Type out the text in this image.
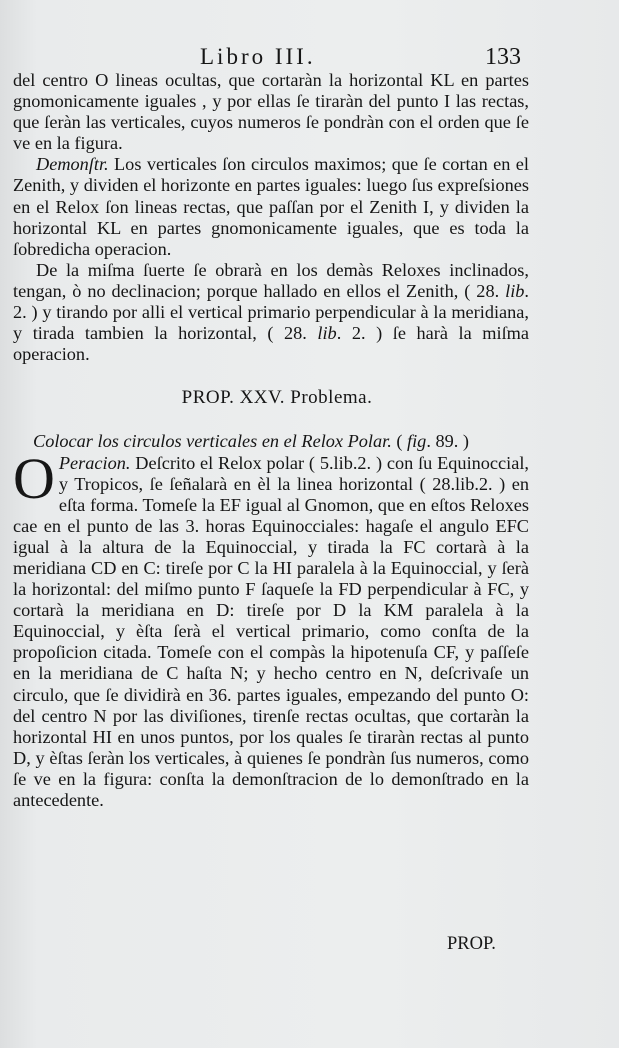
Libro III.	133

del centro O lineas ocultas, que cortaràn la horizontal KL en partes gnomonicamente iguales , y por ellas ſe tiraràn del punto I las rectas, que ſeràn las verticales, cuyos numeros ſe pondràn con el orden que ſe ve en la figura.

Demonſtr. Los verticales ſon circulos maximos; que ſe cortan en el Zenith, y dividen el horizonte en partes iguales: luego ſus expreſsiones en el Relox ſon lineas rectas, que paſſan por el Zenith I, y dividen la horizontal KL en partes gnomonicamente iguales, que es toda la ſobredicha operacion.

De la miſma ſuerte ſe obrarà en los demàs Reloxes inclinados, tengan, ò no declinacion; porque hallado en ellos el Zenith, ( 28. lib. 2. ) y tirando por alli el vertical primario perpendicular à la meridiana, y tirada tambien la horizontal, ( 28. lib. 2. ) ſe harà la miſma operacion.

PROP. XXV. Problema.

Colocar los circulos verticales en el Relox Polar. ( fig. 89. )

O Peracion. Deſcrito el Relox polar ( 5.lib.2. ) con ſu Equinoccial, y Tropicos, ſe ſeñalarà en èl la linea horizontal ( 28.lib.2. ) en eſta forma. Tomeſe la EF igual al Gnomon, que en eſtos Reloxes cae en el punto de las 3. horas Equinocciales: hagaſe el angulo EFC igual à la altura de la Equinoccial, y tirada la FC cortarà à la meridiana CD en C: tireſe por C la HI paralela à la Equinoccial, y ſerà la horizontal: del miſmo punto F ſaqueſe la FD perpendicular à FC, y cortarà la meridiana en D: tireſe por D la KM paralela à la Equinoccial, y èſta ſerà el vertical primario, como conſta de la propoſicion citada. Tomeſe con el compàs la hipotenuſa CF, y paſſeſe en la meridiana de C haſta N; y hecho centro en N, deſcrivaſe un circulo, que ſe dividirà en 36. partes iguales, empezando del punto O: del centro N por las diviſiones, tirenſe rectas ocultas, que cortaràn la horizontal HI en unos puntos, por los quales ſe tiraràn rectas al punto D, y èſtas ſeràn los verticales, à quienes ſe pondràn ſus numeros, como ſe ve en la figura: conſta la demonſtracion de lo demonſtrado en la antecedente.

PROP.
